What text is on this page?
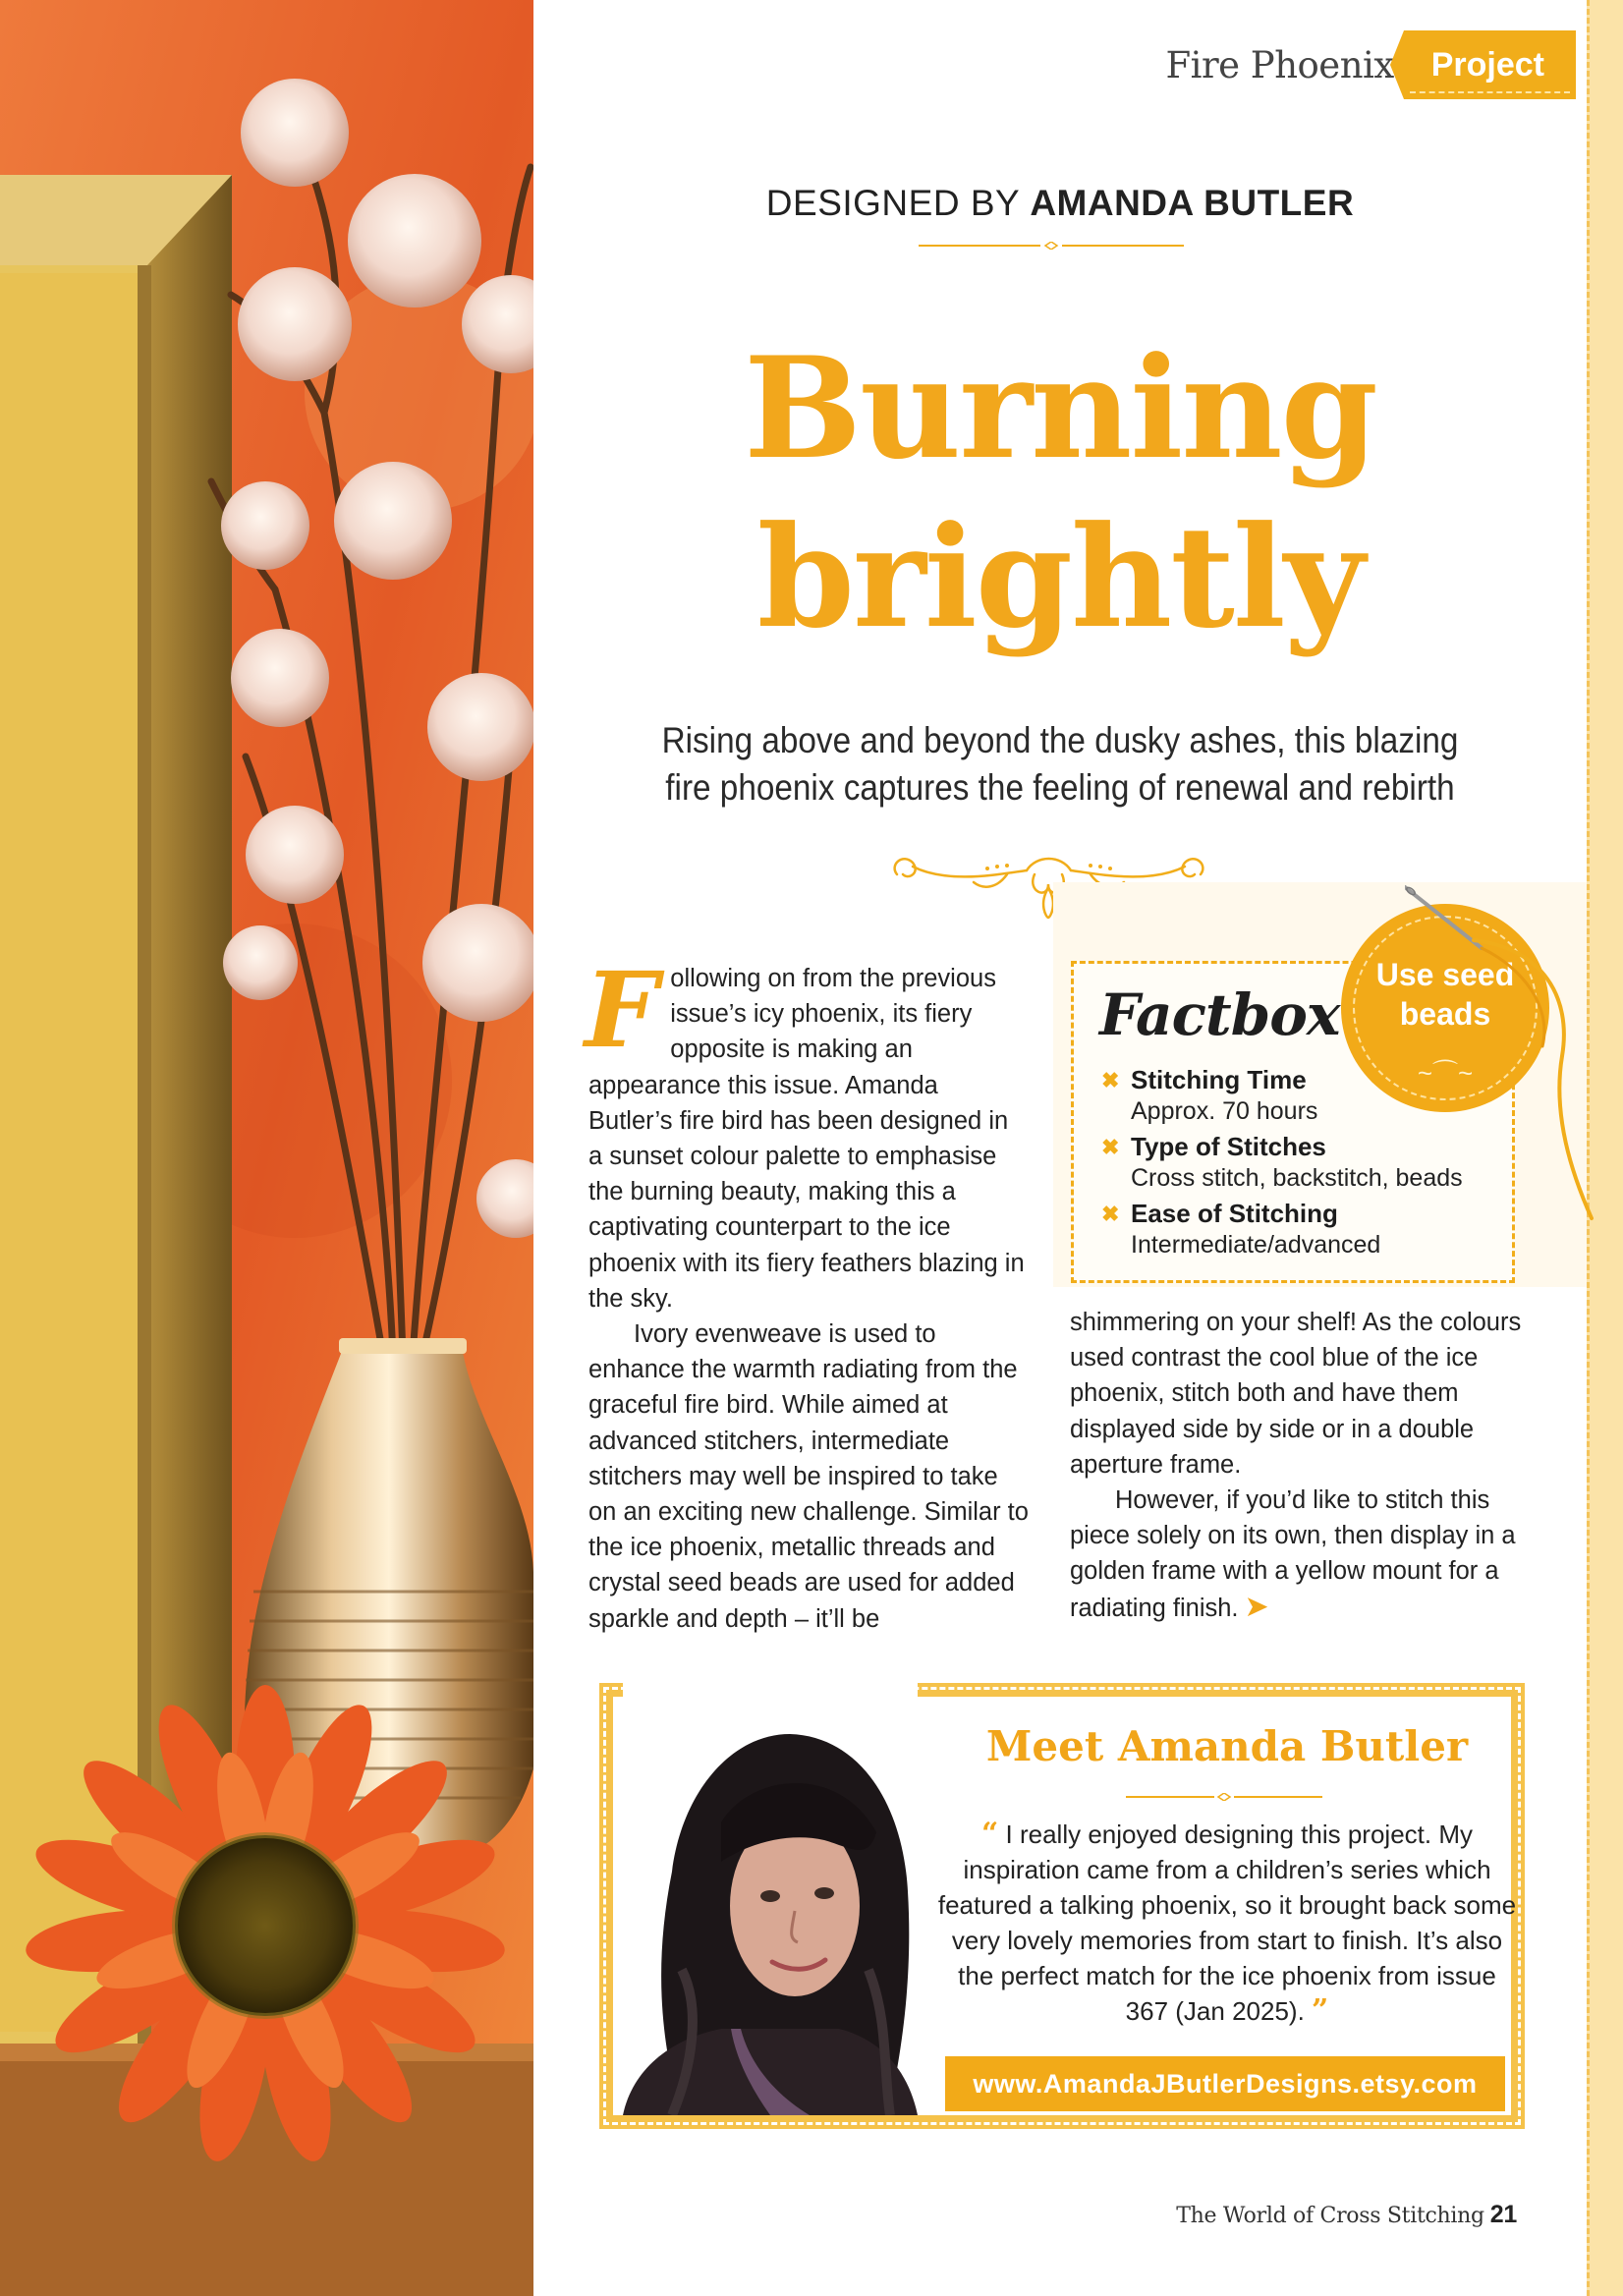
Fire Phoenix	Project
DESIGNED BY AMANDA BUTLER
Burning
brightly
Rising above and beyond the dusky ashes, this blazing
fire phoenix captures the feeling of renewal and rebirth

Following on from the previous issue’s icy phoenix, its fiery opposite is making an appearance this issue. Amanda Butler’s fire bird has been designed in a sunset colour palette to emphasise the burning beauty, making this a captivating counterpart to the ice phoenix with its fiery feathers blazing in the sky.

Ivory evenweave is used to enhance the warmth radiating from the graceful fire bird. While aimed at advanced stitchers, intermediate stitchers may well be inspired to take on an exciting new challenge. Similar to the ice phoenix, metallic threads and crystal seed beads are used for added sparkle and depth – it’ll be

Factbox
✖ Stitching Time
Approx. 70 hours
✖ Type of Stitches
Cross stitch, backstitch, beads
✖ Ease of Stitching
Intermediate/advanced
Use seed
beads
~⌒~

shimmering on your shelf! As the colours used contrast the cool blue of the ice phoenix, stitch both and have them displayed side by side or in a double aperture frame.

However, if you’d like to stitch this piece solely on its own, then display in a golden frame with a yellow mount for a radiating finish. ➤

Meet Amanda Butler
“ I really enjoyed designing this project. My inspiration came from a children’s series which featured a talking phoenix, so it brought back some very lovely memories from start to finish. It’s also the perfect match for the ice phoenix from issue 367 (Jan 2025). ”
www.AmandaJButlerDesigns.etsy.com
The World of Cross Stitching 21
